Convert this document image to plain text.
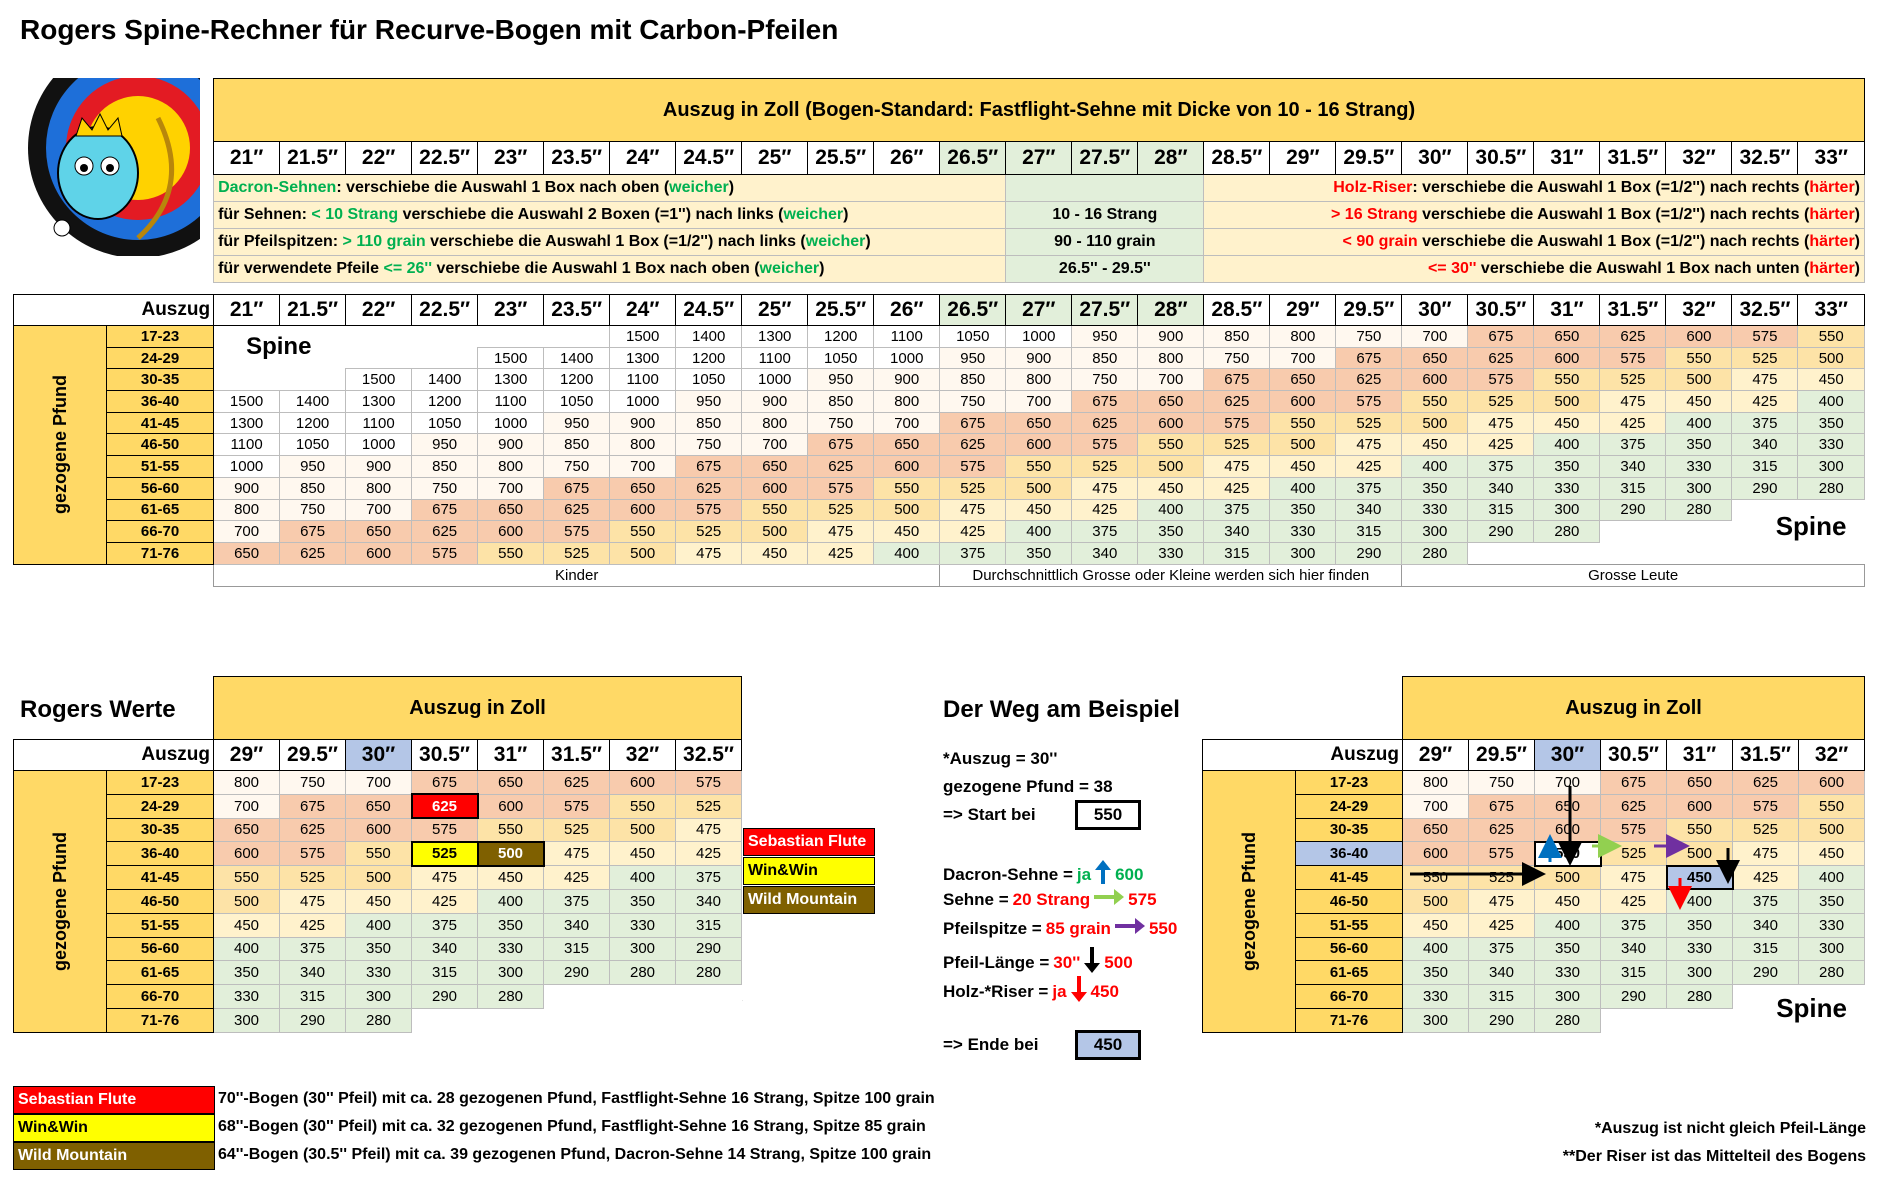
Rogers Spine-Rechner für Recurve-Bogen mit Carbon-Pfeilen
		Auszug in Zoll (Bogen-Standard: Fastflight-Sehne mit Dicke von 10 - 16 Strang)																								
		21″	21.5″	22″	22.5″	23″	23.5″	24″	24.5″	25″	25.5″	26″	26.5″	27″	27.5″	28″	28.5″	29″	29.5″	30″	30.5″	31″	31.5″	32″	32.5″	33″
		Dacron-Sehnen: verschiebe die Auswahl 1 Box nach oben (weicher)															Holz-Riser: verschiebe die Auswahl 1 Box (=1/2'') nach rechts (härter)									
		für Sehnen: < 10 Strang verschiebe die Auswahl 2 Boxen (=1'') nach links (weicher)												10 - 16 Strang			> 16 Strang verschiebe die Auswahl 1 Box (=1/2'') nach rechts (härter)									
		für Pfeilspitzen: > 110 grain verschiebe die Auswahl 1 Box (=1/2'') nach links (weicher)												90 - 110 grain			< 90 grain verschiebe die Auswahl 1 Box (=1/2'') nach rechts (härter)									
		für verwendete Pfeile <= 26'' verschiebe die Auswahl 1 Box nach oben (weicher)												26.5'' - 29.5''			<= 30'' verschiebe die Auswahl 1 Box nach unten (härter)									

	Auszug	21″	21.5″	22″	22.5″	23″	23.5″	24″	24.5″	25″	25.5″	26″	26.5″	27″	27.5″	28″	28.5″	29″	29.5″	30″	30.5″	31″	31.5″	32″	32.5″	33″

gezogene Pfund	17-23	Spine						1500	1400	1300	1200	1100	1050	1000	950	900	850	800	750	700	675	650	625	600	575	550
	24-29					1500	1400	1300	1200	1100	1050	1000	950	900	850	800	750	700	675	650	625	600	575	550	525	500
	30-35			1500	1400	1300	1200	1100	1050	1000	950	900	850	800	750	700	675	650	625	600	575	550	525	500	475	450
	36-40	1500	1400	1300	1200	1100	1050	1000	950	900	850	800	750	700	675	650	625	600	575	550	525	500	475	450	425	400
	41-45	1300	1200	1100	1050	1000	950	900	850	800	750	700	675	650	625	600	575	550	525	500	475	450	425	400	375	350
	46-50	1100	1050	1000	950	900	850	800	750	700	675	650	625	600	575	550	525	500	475	450	425	400	375	350	340	330
	51-55	1000	950	900	850	800	750	700	675	650	625	600	575	550	525	500	475	450	425	400	375	350	340	330	315	300
	56-60	900	850	800	750	700	675	650	625	600	575	550	525	500	475	450	425	400	375	350	340	330	315	300	290	280
	61-65	800	750	700	675	650	625	600	575	550	525	500	475	450	425	400	375	350	340	330	315	300	290	280	Spine	
	66-70	700	675	650	625	600	575	550	525	500	475	450	425	400	375	350	340	330	315	300	290	280				
	71-76	650	625	600	575	550	525	500	475	450	425	400	375	350	340	330	315	300	290	280						
		Kinder											Durchschnittlich Grosse oder Kleine werden sich hier finden							Grosse Leute						
Rogers Werte
		Auszug in Zoll								
	Auszug	29″	29.5″	30″	30.5″	31″	31.5″	32″	32.5″	

gezogene Pfund	17-23	800	750	700	675	650	625	600	575	
	24-29	700	675	650	625	600	575	550	525	
	30-35	650	625	600	575	550	525	500	475	
	36-40	600	575	550	525	500	475	450	425	
	41-45	550	525	500	475	450	425	400	375	
	46-50	500	475	450	425	400	375	350	340	
	51-55	450	425	400	375	350	340	330	315	
	56-60	400	375	350	340	330	315	300	290	
	61-65	350	340	330	315	300	290	280	280	
	66-70	330	315	300	290	280				
	71-76	300	290	280						
Sebastian Flute
Sebastian Flute	70''-Bogen (30'' Pfeil) mit ca. 28 gezogenen Pfund, Fastflight-Sehne 16 Strang, Spitze 100 grain
Win&Win
Win&Win	68''-Bogen (30'' Pfeil) mit ca. 32 gezogenen Pfund, Fastflight-Sehne 16 Strang, Spitze 85 grain
Wild Mountain
Wild Mountain	64''-Bogen (30.5'' Pfeil) mit ca. 39 gezogenen Pfund, Dacron-Sehne 14 Strang, Spitze 100 grain
Der Weg am Beispiel
*Auszug = 30''
gezogene Pfund = 38
=> Start bei	550
Dacron-Sehne = ja 600
Sehne = 20 Strang 575
Pfeilspitze = 85 grain 550
Pfeil-Länge = 30'' 500
Holz-*Riser = ja 450
=> Ende bei	450
		Auszug in Zoll						
	Auszug	29″	29.5″	30″	30.5″	31″	31.5″	32″

gezogene Pfund	17-23	800	750	700	675	650	625	600
	24-29	700	675	650	625	600	575	550
	30-35	650	625	600	575	550	525	500
	36-40	600	575	550	525	500	475	450
	41-45	550	525	500	475	450	425	400
	46-50	500	475	450	425	400	375	350
	51-55	450	425	400	375	350	340	330
	56-60	400	375	350	340	330	315	300
	61-65	350	340	330	315	300	290	280
	66-70	330	315	300	290	280	Spine	
	71-76	300	290	280				
*Auszug ist nicht gleich Pfeil-Länge
**Der Riser ist das Mittelteil des Bogens
